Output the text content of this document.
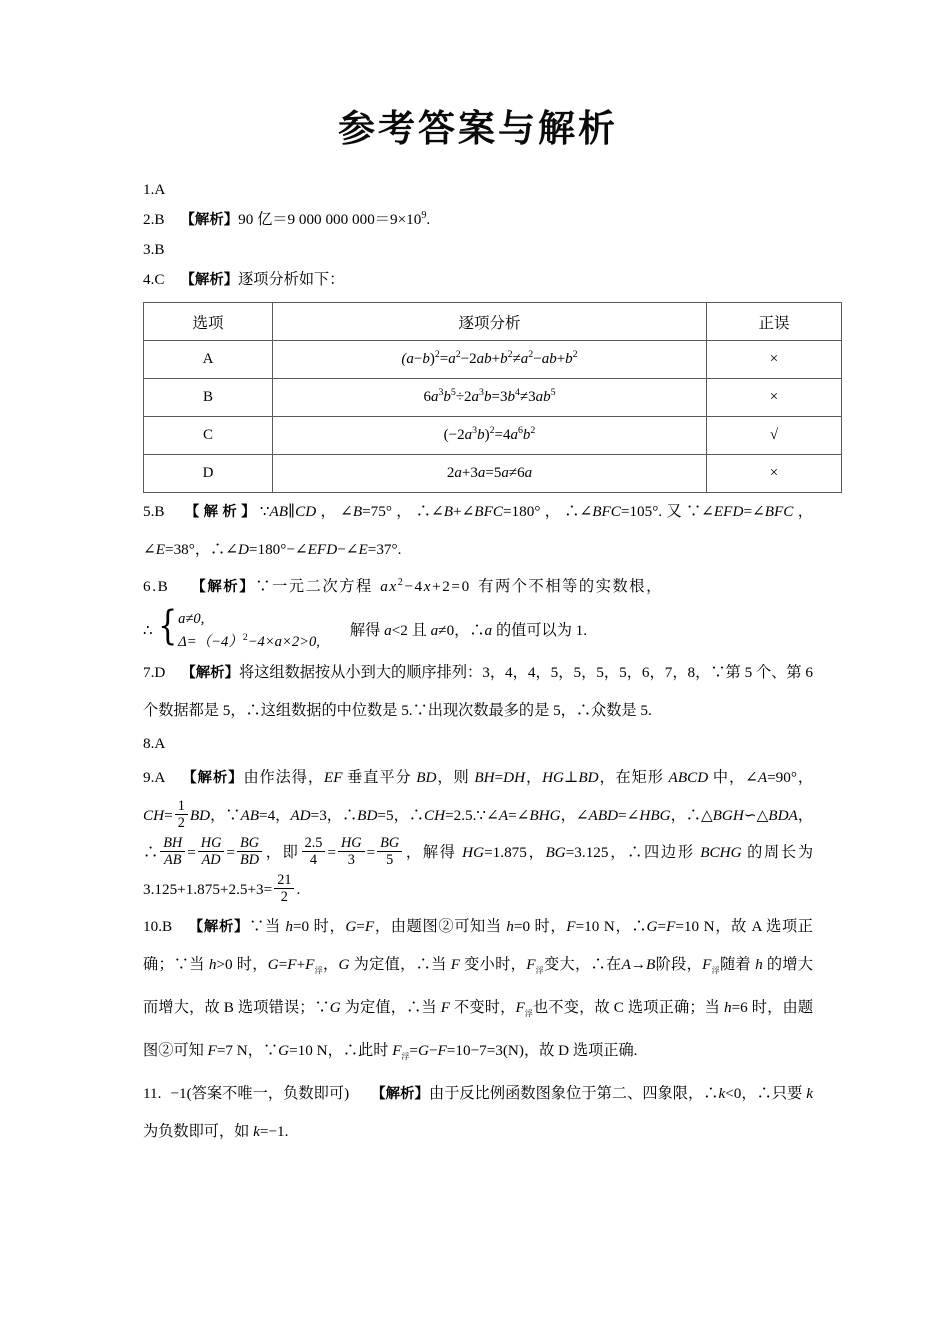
参考答案与解析

1.A

2.B 【解析】90 亿＝9 000 000 $000=9\times 10^9$.

3.B

4.C 【解析】逐项分析如下：

选项	逐项分析	正误
A	$(a-b)^2=a^2-2ab+b^2\ne a^2-ab+b^2$	×
B	$6a^3b^5\div 2a^3b=3b^4\ne 3ab^5$	×
C	$(-2a^3b)^2=4a^6b^2$	√
D	2a+3a=5a≠6a	×

5.B 【解析】∵AB∥CD，∠B=75°，∴∠B+∠BFC=180°，∴∠BFC=105°.又∵∠EFD=∠BFC，∠E=38°，∴∠D=180°−∠EFD−∠E=37°.

6.B 【解析】∵一元二次方程 $ax^2-4x+2=0$ 有两个不相等的实数根，

∴ { a≠0,
$\Delta=(-4)^2-4\times a\times 2>0$,
解得 a<2 且 a≠0，∴a 的值可以为 1.

7.D 【解析】将这组数据按从小到大的顺序排列：3，4，4，5，5，5，5，6，7，8，∵第 5 个、第 6 个数据都是 5，∴这组数据的中位数是 5.∵出现次数最多的是 5，∴众数是 5.

8.A

9.A 【解析】由作法得，EF 垂直平分 BD，则 BH=DH，HG⊥BD，在矩形 ABCD 中，∠A=90°，$CH= \frac{1}{2}$ BD，∵AB=4，AD=3，∴BD=5，∴CH=2.5.∵∠A=∠BHG，∠ABD=∠HBG，∴△BGH∽△BDA，∴ $\frac{BH}{AB} = \frac{HG}{AD} = \frac{BG}{BD}$ ，即 $\frac{2.5}{4} = \frac{HG}{3} = \frac{BG}{5}$ ，解得 HG=1.875，BG=3.125，∴四边形 BCHG 的周长为 $3.125+1.875+2.5+3= \frac{21}{2}$ .

10.B 【解析】∵当 h=0 时，G=F，由题图②可知当 h=0 时，F=10 N，∴G=F=10 N，故 A 选项正确；∵当 h>0 时，$G=F+F_浮$，G 为定值，∴当 F 变小时，$F_浮$变大，∴在A→B阶段，$F_浮$随着 h 的增大而增大，故 B 选项错误；∵G 为定值，∴当 F 不变时，$F_浮$也不变，故 C 选项正确；当 h=6 时，由题图②可知 F=7 N，∵G=10 N，∴此时 $F_浮=G-F=10-7=3(N)$，故 D 选项正确.

11. −1(答案不唯一，负数即可) 【解析】由于反比例函数图象位于第二、四象限，∴k<0，∴只要 k 为负数即可，如 k=−1.
